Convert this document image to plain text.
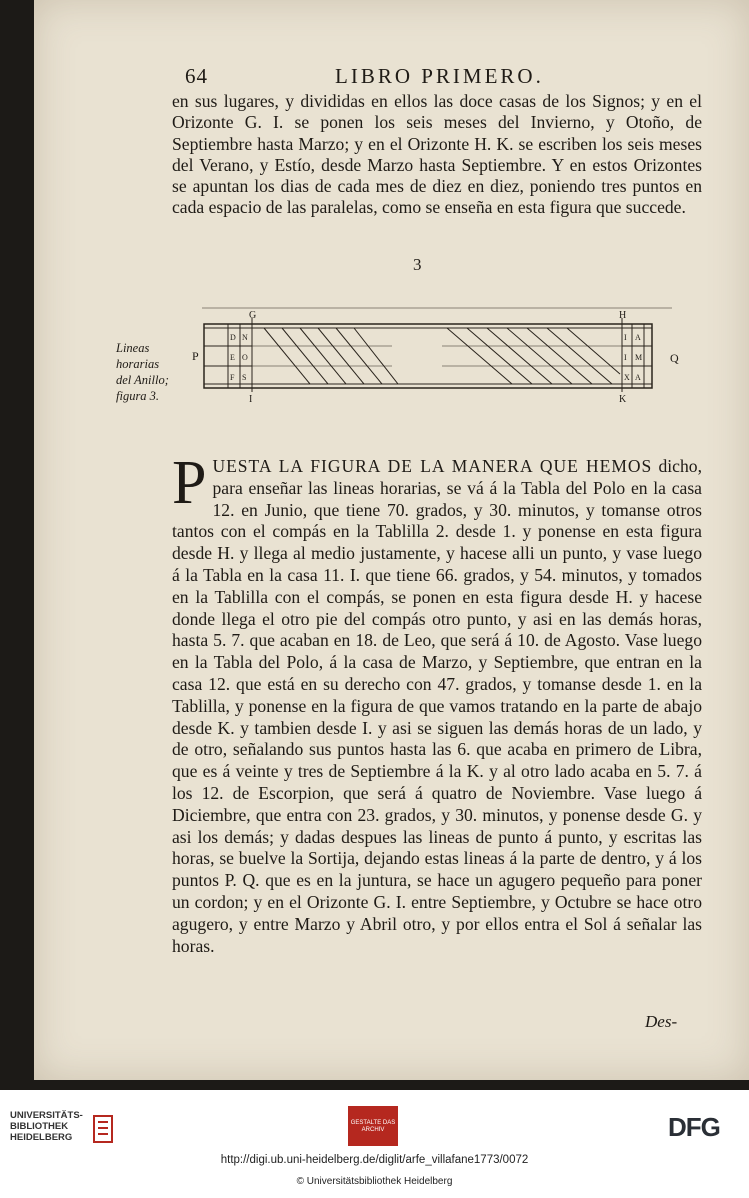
64	LIBRO PRIMERO.
en sus lugares, y divididas en ellos las doce casas de los Signos; y en el Orizonte G. I. se ponen los seis meses del Invierno, y Otoño, de Septiembre hasta Marzo; y en el Orizonte H. K. se escriben los seis meses del Verano, y Estío, desde Marzo hasta Septiembre. Y en estos Orizontes se apuntan los dias de cada mes de diez en diez, poniendo tres puntos en cada espacio de las paralelas, como se enseña en esta figura que succede.
3
Lineas horarias del Anillo; figura 3.
P	Q
G	H
I	K
D N
E O
F S
I A
I M
X A
P UESTA LA FIGURA DE LA MANERA QUE HEMOS dicho, para enseñar las lineas horarias, se vá á la Tabla del Polo en la casa 12. en Junio, que tiene 70. grados, y 30. minutos, y tomanse otros tantos con el compás en la Tablilla 2. desde 1. y ponense en esta figura desde H. y llega al medio justamente, y hacese alli un punto, y vase luego á la Tabla en la casa 11. I. que tiene 66. grados, y 54. minutos, y tomados en la Tablilla con el compás, se ponen en esta figura desde H. y hacese donde llega el otro pie del compás otro punto, y asi en las demás horas, hasta 5. 7. que acaban en 18. de Leo, que será á 10. de Agosto. Vase luego en la Tabla del Polo, á la casa de Marzo, y Septiembre, que entran en la casa 12. que está en su derecho con 47. grados, y tomanse desde 1. en la Tablilla, y ponense en la figura de que vamos tratando en la parte de abajo desde K. y tambien desde I. y asi se siguen las demás horas de un lado, y de otro, señalando sus puntos hasta las 6. que acaba en primero de Libra, que es á veinte y tres de Septiembre á la K. y al otro lado acaba en 5. 7. á los 12. de Escorpion, que será á quatro de Noviembre. Vase luego á Diciembre, que entra con 23. grados, y 30. minutos, y ponense desde G. y asi los demás; y dadas despues las lineas de punto á punto, y escritas las horas, se buelve la Sortija, dejando estas lineas á la parte de dentro, y á los puntos P. Q. que es en la juntura, se hace un agugero pequeño para poner un cordon; y en el Orizonte G. I. entre Septiembre, y Octubre se hace otro agugero, y entre Marzo y Abril otro, y por ellos entra el Sol á señalar las horas.
Des-
UNIVERSITÄTS- BIBLIOTHEK HEIDELBERG
GESTALTE DAS ARCHIV	DFG
http://digi.ub.uni-heidelberg.de/diglit/arfe_villafane1773/0072
© Universitätsbibliothek Heidelberg
